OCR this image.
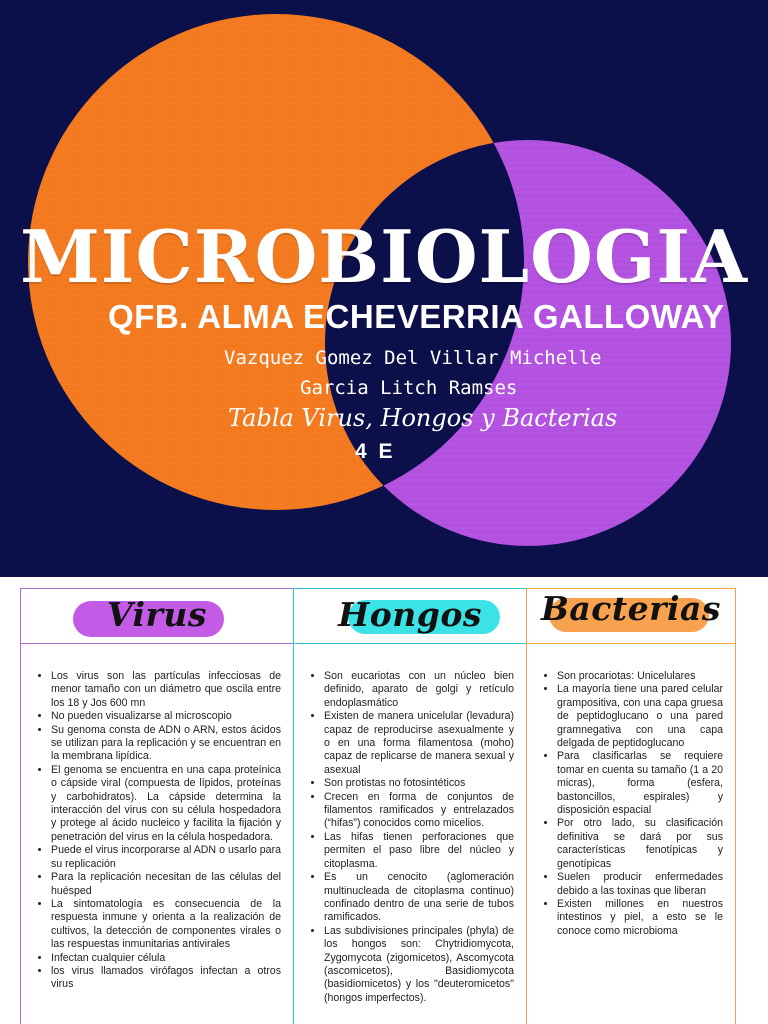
MICROBIOLOGIA
QFB. ALMA ECHEVERRIA GALLOWAY
Vazquez Gomez Del Villar Michelle
Garcia Litch Ramses
Tabla Virus, Hongos y Bacterias
4 E
Virus
• Los virus son las partículas infecciosas de menor tamaño con un diámetro que oscila entre los 18 y Jos 600 mn
• No pueden visualizarse al microscopio
• Su genoma consta de ADN o ARN, estos ácidos se utilizan para la replicación y se encuentran en la membrana lipídica.
• El genoma se encuentra en una capa proteínica o cápside viral (compuesta de lípidos, proteínas y carbohidratos). La cápside determina la interacción del virus con su célula hospedadora y protege al ácido nucleico y facilita la fijación y penetración del virus en la célula hospedadora.
• Puede el virus incorporarse al ADN o usarlo para su replicación
• Para la replicación necesitan de las células del huésped
• La sintomatología es consecuencia de la respuesta inmune y orienta a la realización de cultivos, la detección de componentes virales o las respuestas inmunitarias antivirales
• Infectan cualquier célula
• los virus llamados virófagos infectan a otros virus
Hongos
• Son eucariotas con un núcleo bien definido, aparato de golgi y retículo endoplasmático
• Existen de manera unicelular (levadura) capaz de reproducirse asexualmente y o en una forma filamentosa (moho) capaz de replicarse de manera sexual y asexual
• Son protistas no fotosintéticos
• Crecen en forma de conjuntos de filamentos ramificados y entrelazados (“hifas”) conocidos como micelios.
• Las hifas tienen perforaciones que permiten el paso libre del núcleo y citoplasma.
• Es un cenocito (aglomeración multinucleada de citoplasma continuo) confinado dentro de una serie de tubos ramificados.
• Las subdivisiones principales (phyla) de los hongos son: Chytridiomycota, Zygomycota (zigomicetos), Ascomycota (ascomicetos), Basidiomycota (basidiomicetos) y los "deuteromicetos" (hongos imperfectos).
Bacterias
• Son procariotas: Unicelulares
• La mayoría tiene una pared celular grampositiva, con una capa gruesa de peptidoglucano o una pared gramnegativa con una capa delgada de peptidoglucano
• Para clasificarlas se requiere tomar en cuenta su tamaño (1 a 20 micras), forma (esfera, bastoncillos, espirales) y disposición espacial
• Por otro lado, su clasificación definitiva se dará por sus características fenotípicas y genotípicas
• Suelen producir enfermedades debido a las toxinas que liberan
• Existen millones en nuestros intestinos y piel, a esto se le conoce como microbioma
